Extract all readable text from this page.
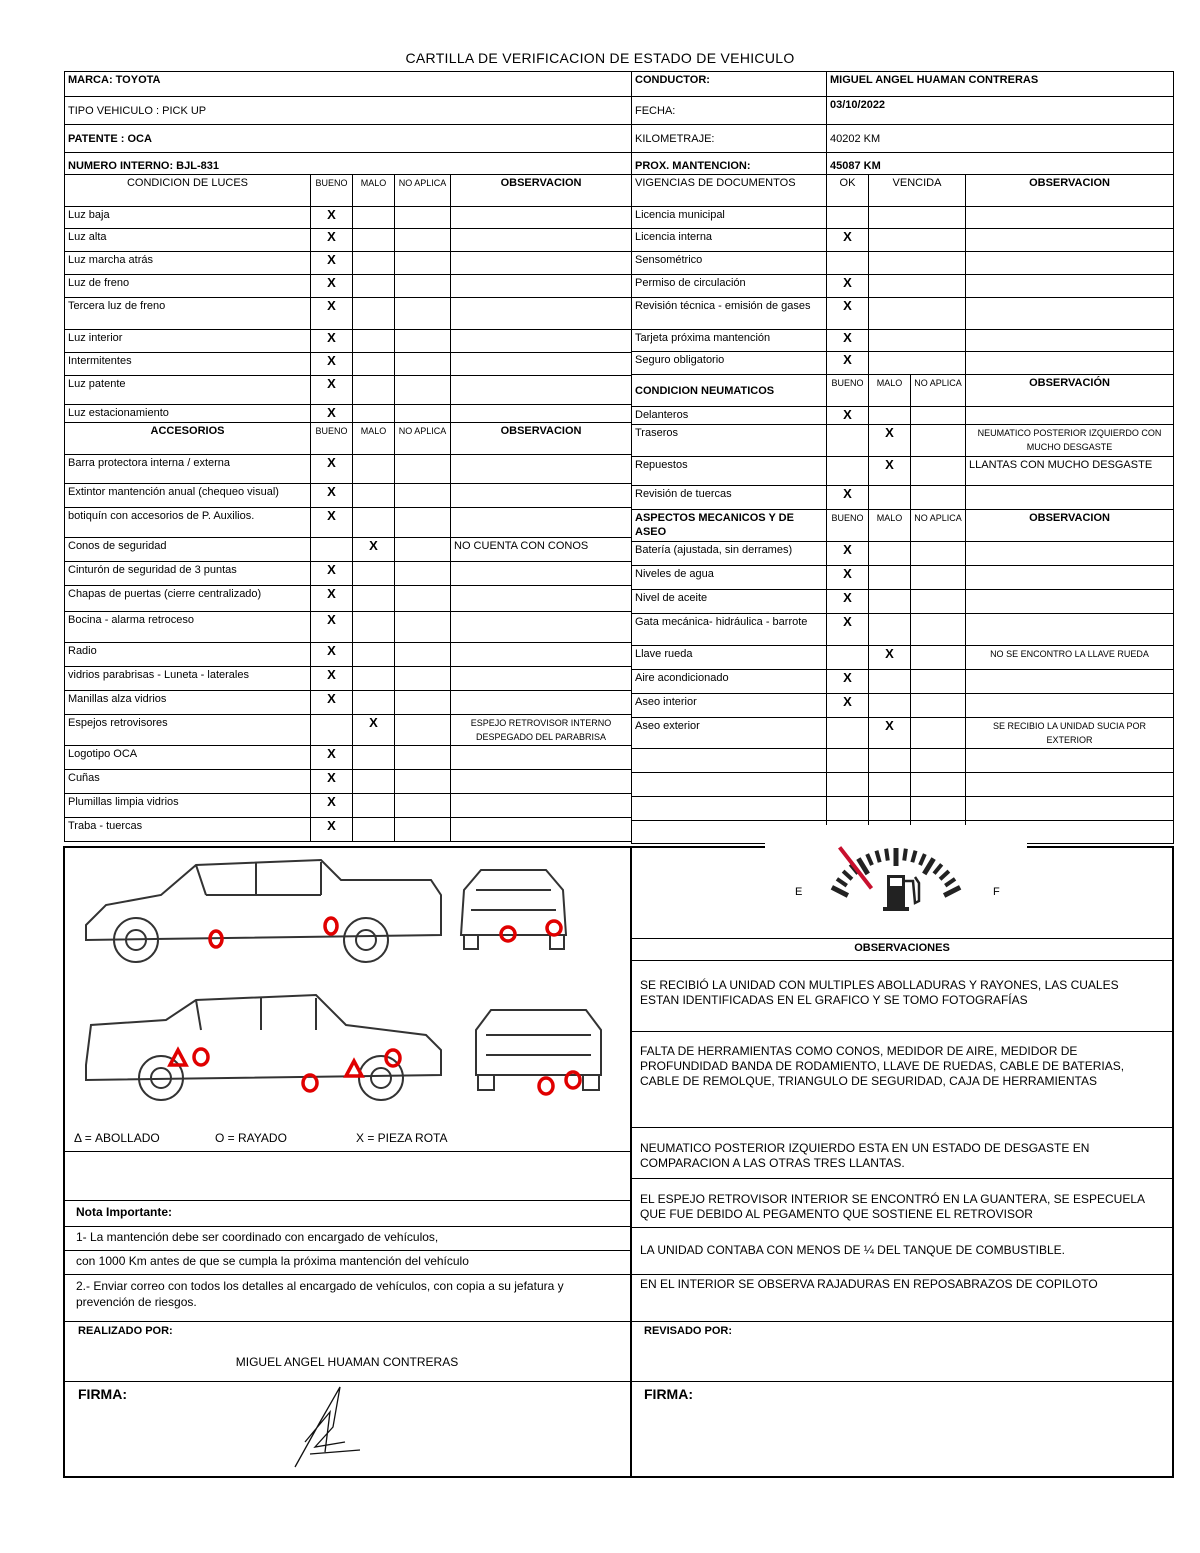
CARTILLA DE VERIFICACION DE ESTADO DE VEHICULO
MARCA: TOYOTA				
TIPO VEHICULO : PICK UP				
PATENTE : OCA				
NUMERO INTERNO: BJL-831				
CONDICION DE LUCES	BUENO	MALO	NO APLICA	OBSERVACION
Luz baja	X			
Luz alta	X			
Luz marcha atrás	X			
Luz de freno	X			
Tercera luz de freno	X			
Luz interior	X			
Intermitentes	X			
Luz patente	X			
Luz estacionamiento	X			
ACCESORIOS	BUENO	MALO	NO APLICA	OBSERVACION
Barra protectora interna / externa	X			
Extintor mantención anual (chequeo visual)	X			
botiquín con accesorios de P. Auxilios.	X			
Conos de seguridad		X		NO CUENTA CON CONOS
Cinturón de seguridad de 3 puntas	X			
Chapas de puertas (cierre centralizado)	X			
Bocina - alarma retroceso	X			
Radio	X			
vidrios parabrisas - Luneta - laterales	X			
Manillas alza vidrios	X			
Espejos retrovisores		X		ESPEJO RETROVISOR INTERNO DESPEGADO DEL PARABRISA
Logotipo OCA	X			
Cuñas	X			
Plumillas limpia vidrios	X			
Traba - tuercas	X			
CONDUCTOR:	MIGUEL ANGEL HUAMAN CONTRERAS			
FECHA:	03/10/2022			
KILOMETRAJE:	40202 KM			
PROX. MANTENCION:	45087 KM			
VIGENCIAS DE DOCUMENTOS	OK	VENCIDA		OBSERVACION
Licencia municipal				
Licencia interna	X			
Sensométrico				
Permiso de circulación	X			
Revisión técnica - emisión de gases	X			
Tarjeta próxima mantención	X			
Seguro obligatorio	X			
CONDICION NEUMATICOS	BUENO	MALO	NO APLICA	OBSERVACIÓN
Delanteros	X			
Traseros		X		NEUMATICO POSTERIOR IZQUIERDO CON MUCHO DESGASTE
Repuestos		X		LLANTAS CON MUCHO DESGASTE
Revisión de tuercas	X			
ASPECTOS MECANICOS Y DE ASEO	BUENO	MALO	NO APLICA	OBSERVACION
Batería (ajustada, sin derrames)	X			
Niveles de agua	X			
Nivel de aceite	X			
Gata mecánica- hidráulica - barrote	X			
Llave rueda		X		NO SE ENCONTRO LA LLAVE RUEDA
Aire acondicionado	X			
Aseo interior	X			
Aseo exterior		X		SE RECIBIO LA UNIDAD SUCIA POR EXTERIOR

Δ = ABOLLADO	O = RAYADO	X = PIEZA ROTA
Nota Importante:
1- La mantención debe ser coordinado con encargado de vehículos,
con 1000 Km antes de que se cumpla la próxima mantención del vehículo
2.- Enviar correo con todos los detalles al encargado de vehículos, con copia a su jefatura y prevención de riesgos.
REALIZADO POR:
MIGUEL ANGEL HUAMAN CONTRERAS
REVISADO POR:
FIRMA:	FIRMA:
E	F
OBSERVACIONES
SE RECIBIÓ LA UNIDAD CON MULTIPLES ABOLLADURAS Y RAYONES, LAS CUALES ESTAN IDENTIFICADAS EN EL GRAFICO Y SE TOMO FOTOGRAFÍAS
FALTA DE HERRAMIENTAS COMO CONOS, MEDIDOR DE AIRE, MEDIDOR DE PROFUNDIDAD BANDA DE RODAMIENTO, LLAVE DE RUEDAS, CABLE DE BATERIAS, CABLE DE REMOLQUE, TRIANGULO DE SEGURIDAD, CAJA DE HERRAMIENTAS
NEUMATICO POSTERIOR IZQUIERDO ESTA EN UN ESTADO DE DESGASTE EN COMPARACION A LAS OTRAS TRES LLANTAS.
EL ESPEJO RETROVISOR INTERIOR SE ENCONTRÓ EN LA GUANTERA, SE ESPECUELA QUE FUE DEBIDO AL PEGAMENTO QUE SOSTIENE EL RETROVISOR
LA UNIDAD CONTABA CON MENOS DE ¼ DEL TANQUE DE COMBUSTIBLE.
EN EL INTERIOR SE OBSERVA RAJADURAS EN REPOSABRAZOS DE COPILOTO
